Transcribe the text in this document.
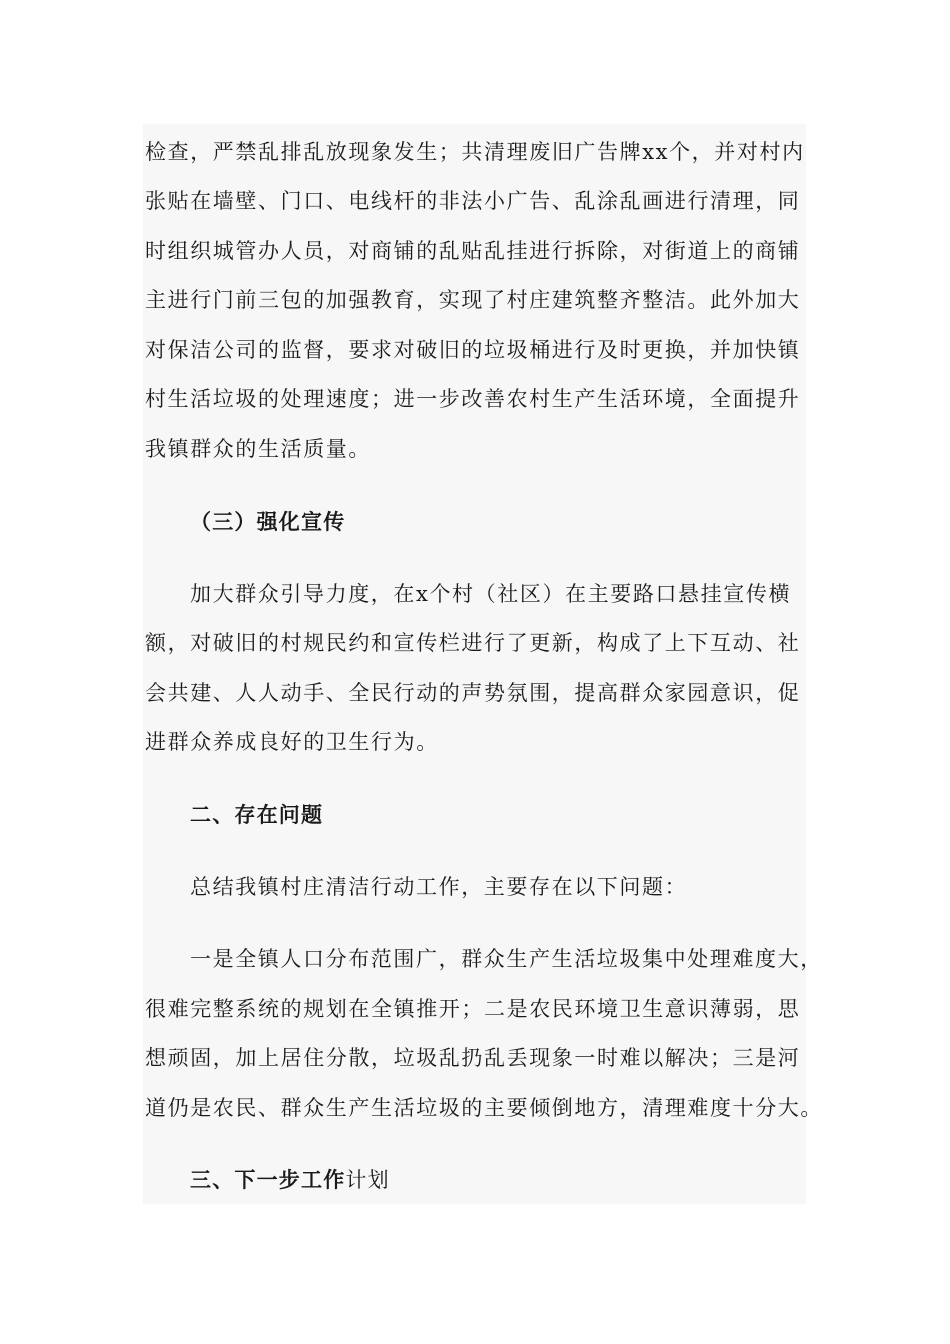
检查，严禁乱排乱放现象发生；共清理废旧广告牌xx个，并对村内
张贴在墙壁、门口、电线杆的非法小广告、乱涂乱画进行清理，同
时组织城管办人员，对商铺的乱贴乱挂进行拆除，对街道上的商铺
主进行门前三包的加强教育，实现了村庄建筑整齐整洁。此外加大
对保洁公司的监督，要求对破旧的垃圾桶进行及时更换，并加快镇
村生活垃圾的处理速度；进一步改善农村生产生活环境，全面提升
我镇群众的生活质量。
（三）强化宣传
加大群众引导力度，在x个村（社区）在主要路口悬挂宣传横
额，对破旧的村规民约和宣传栏进行了更新，构成了上下互动、社
会共建、人人动手、全民行动的声势氛围，提高群众家园意识，促
进群众养成良好的卫生行为。
二、存在问题
总结我镇村庄清洁行动工作，主要存在以下问题：
一是全镇人口分布范围广，群众生产生活垃圾集中处理难度大，
很难完整系统的规划在全镇推开；二是农民环境卫生意识薄弱，思
想顽固，加上居住分散，垃圾乱扔乱丢现象一时难以解决；三是河
道仍是农民、群众生产生活垃圾的主要倾倒地方，清理难度十分大。
三、下一步工作计划
